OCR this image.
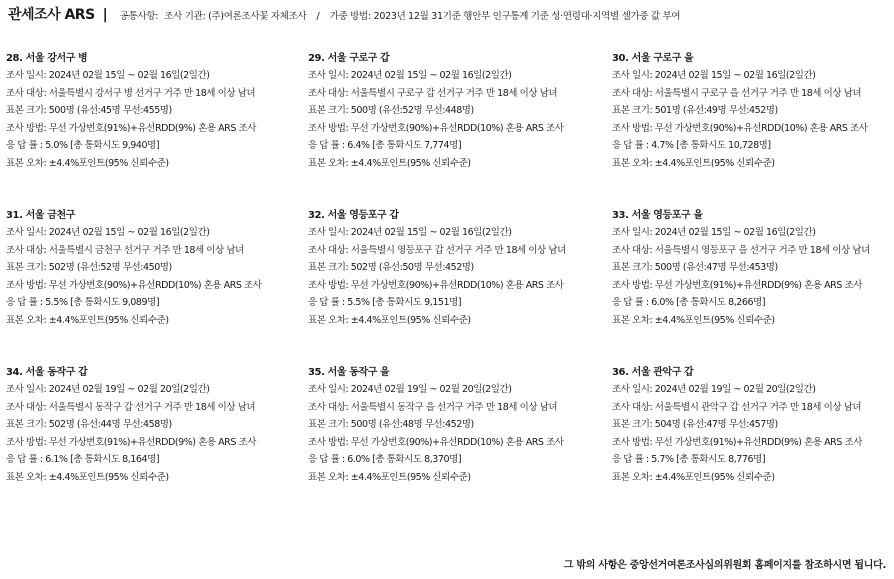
관세조사 ARS | 공통사항: 조사 기관: (주)여론조사꽃 자체조사 / 가중 방법: 2023년 12월 31기준 행안부 인구통계 기준 성·연령대·지역별 셀가중 값 부여
28. 서울 강서구 병
조사 일시: 2024년 02월 15일 ~ 02월 16일(2일간)
조사 대상: 서울특별시 강서구 병 선거구 거주 만 18세 이상 남녀
표본 크기: 500명 (유선:45명 무선:455명)
조사 방법: 무선 가상번호(91%)+유선RDD(9%) 혼용 ARS 조사
응 답 률 : 5.0% [총 통화시도 9,940명]
표본 오차: ±4.4%포인트(95% 신뢰수준)
29. 서울 구로구 갑
조사 일시: 2024년 02월 15일 ~ 02월 16일(2일간)
조사 대상: 서울특별시 구로구 갑 선거구 거주 만 18세 이상 남녀
표본 크기: 500명 (유선:52명 무선:448명)
조사 방법: 무선 가상번호(90%)+유선RDD(10%) 혼용 ARS 조사
응 답 률 : 6.4% [총 통화시도 7,774명]
표본 오차: ±4.4%포인트(95% 신뢰수준)
30. 서울 구로구 을
조사 일시: 2024년 02월 15일 ~ 02월 16일(2일간)
조사 대상: 서울특별시 구로구 을 선거구 거주 만 18세 이상 남녀
표본 크기: 501명 (유선:49명 무선:452명)
조사 방법: 무선 가상번호(90%)+유선RDD(10%) 혼용 ARS 조사
응 답 률 : 4.7% [총 통화시도 10,728명]
표본 오차: ±4.4%포인트(95% 신뢰수준)
31. 서울 금천구
조사 일시: 2024년 02월 15일 ~ 02월 16일(2일간)
조사 대상: 서울특별시 금천구 선거구 거주 만 18세 이상 남녀
표본 크기: 502명 (유선:52명 무선:450명)
조사 방법: 무선 가상번호(90%)+유선RDD(10%) 혼용 ARS 조사
응 답 률 : 5.5% [총 통화시도 9,089명]
표본 오차: ±4.4%포인트(95% 신뢰수준)
32. 서울 영등포구 갑
조사 일시: 2024년 02월 15일 ~ 02월 16일(2일간)
조사 대상: 서울특별시 영등포구 갑 선거구 거주 만 18세 이상 남녀
표본 크기: 502명 (유선:50명 무선:452명)
조사 방법: 무선 가상번호(90%)+유선RDD(10%) 혼용 ARS 조사
응 답 률 : 5.5% [총 통화시도 9,151명]
표본 오차: ±4.4%포인트(95% 신뢰수준)
33. 서울 영등포구 을
조사 일시: 2024년 02월 15일 ~ 02월 16일(2일간)
조사 대상: 서울특별시 영등포구 을 선거구 거주 만 18세 이상 남녀
표본 크기: 500명 (유선:47명 무선:453명)
조사 방법: 무선 가상번호(91%)+유선RDD(9%) 혼용 ARS 조사
응 답 률 : 6.0% [총 통화시도 8,266명]
표본 오차: ±4.4%포인트(95% 신뢰수준)
34. 서울 동작구 갑
조사 일시: 2024년 02월 19일 ~ 02월 20일(2일간)
조사 대상: 서울특별시 동작구 갑 선거구 거주 만 18세 이상 남녀
표본 크기: 502명 (유선:44명 무선:458명)
조사 방법: 무선 가상번호(91%)+유선RDD(9%) 혼용 ARS 조사
응 답 률 : 6.1% [총 통화시도 8,164명]
표본 오차: ±4.4%포인트(95% 신뢰수준)
35. 서울 동작구 을
조사 일시: 2024년 02월 19일 ~ 02월 20일(2일간)
조사 대상: 서울특별시 동작구 을 선거구 거주 만 18세 이상 남녀
표본 크기: 500명 (유선:48명 무선:452명)
조사 방법: 무선 가상번호(90%)+유선RDD(10%) 혼용 ARS 조사
응 답 률 : 6.0% [총 통화시도 8,370명]
표본 오차: ±4.4%포인트(95% 신뢰수준)
36. 서울 관악구 갑
조사 일시: 2024년 02월 19일 ~ 02월 20일(2일간)
조사 대상: 서울특별시 관악구 갑 선거구 거주 만 18세 이상 남녀
표본 크기: 504명 (유선:47명 무선:457명)
조사 방법: 무선 가상번호(91%)+유선RDD(9%) 혼용 ARS 조사
응 답 률 : 5.7% [총 통화시도 8,776명]
표본 오차: ±4.4%포인트(95% 신뢰수준)
그 밖의 사항은 중앙선거여론조사심의위원회 홈페이지를 참조하시면 됩니다.
